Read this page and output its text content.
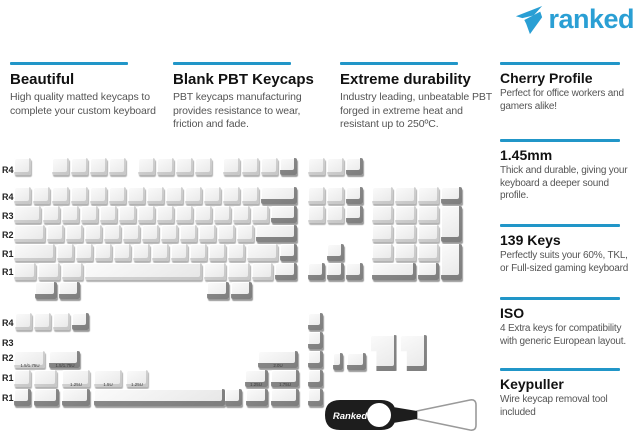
ranked
Beautiful
High quality matted keycaps to complete your custom keyboard
Blank PBT Keycaps
PBT keycaps manufacturing provides resistance to wear, friction and fade.
Extreme durability
Industry leading, unbeatable PBT forged in extreme heat and resistant up to 250ºC.
Cherry Profile
Perfect for office workers and gamers alike!
1.45mm
Thick and durable, giving your keyboard a deeper sound profile.
139 Keys
Perfectly suits your 60%, TKL, or Full-sized gaming keyboard
ISO
4 Extra keys for compatibility with generic European layout.
Keypuller
Wire keycap removal tool included
1.5/1.75U 1.5/1.75U	2.0U
1.25U	1.5U 1.25U	1.25U 1.75U
R4
R4
R3
R2
R1
R1
R4
R3
R2
R1
R1
Ranked
